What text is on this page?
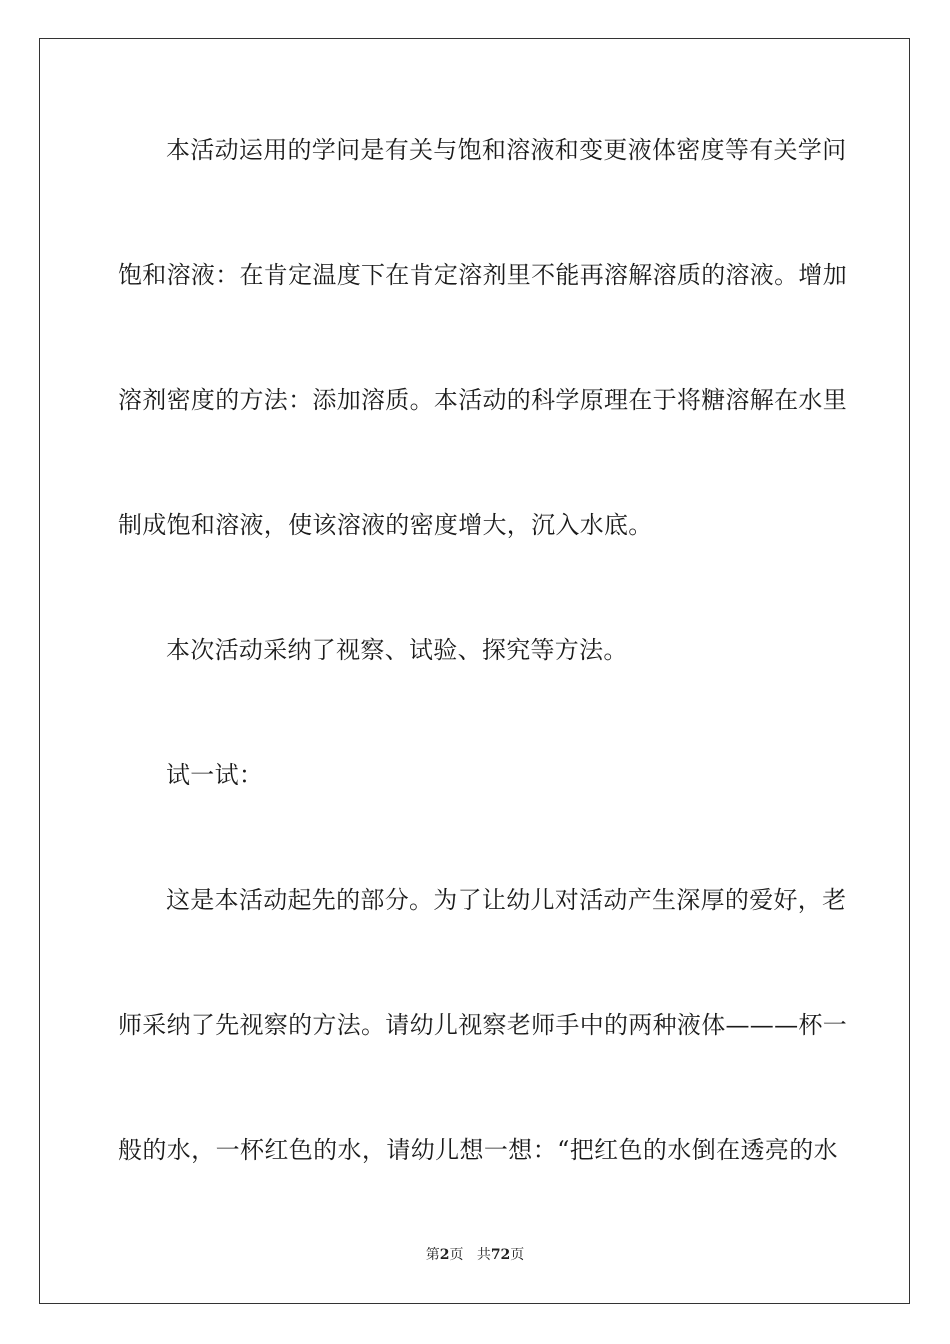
本活动运用的学问是有关与饱和溶液和变更液体密度等有关学问
饱和溶液：在肯定温度下在肯定溶剂里不能再溶解溶质的溶液。增加
溶剂密度的方法：添加溶质。本活动的科学原理在于将糖溶解在水里
制成饱和溶液，使该溶液的密度增大，沉入水底。
本次活动采纳了视察、试验、探究等方法。
试一试：
这是本活动起先的部分。为了让幼儿对活动产生深厚的爱好，老
师采纳了先视察的方法。请幼儿视察老师手中的两种液体———杯一
般的水，一杯红色的水，请幼儿想一想：“把红色的水倒在透亮的水
第2页 共72页
